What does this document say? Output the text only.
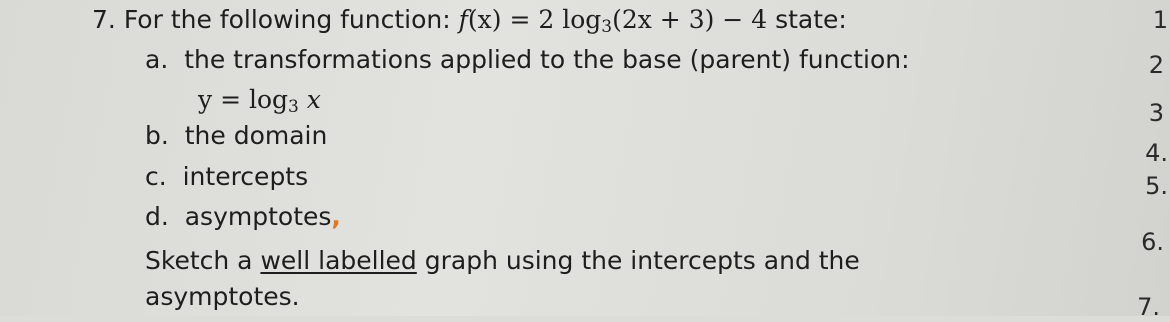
7. For the following function: f(x) = 2 $\log_3(2x + 3) - 4$ state:
a. the transformations applied to the base (parent) function:
$y = \log_3 x$
b. the domain
c. intercepts
d. asymptotes,
Sketch a well labelled graph using the intercepts and the
asymptotes.
1
2
3
4.
5.
6.
7.
